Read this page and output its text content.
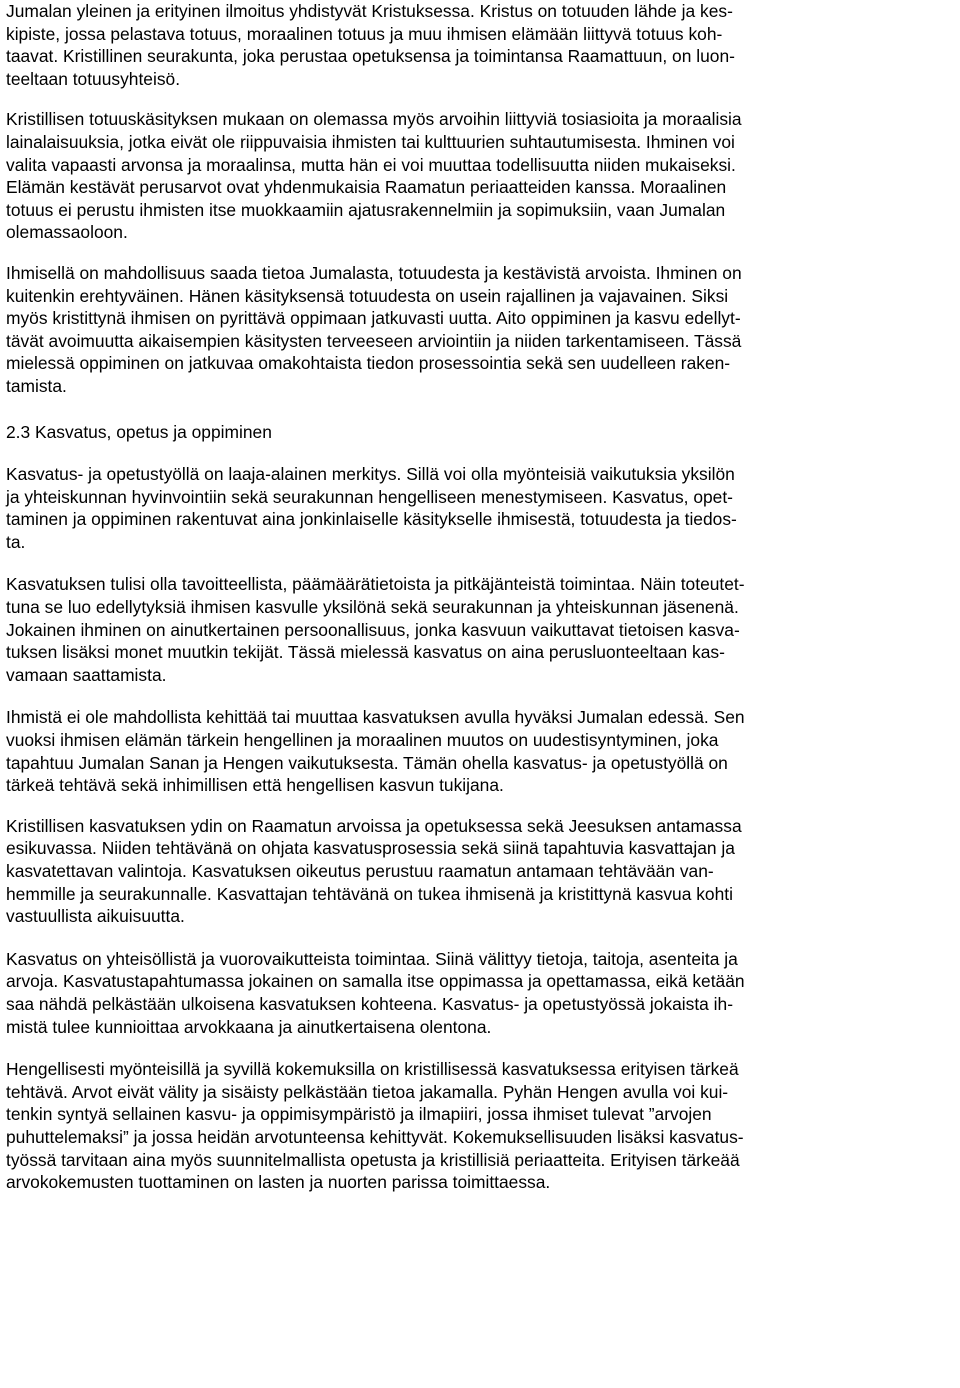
Jumalan yleinen ja erityinen ilmoitus yhdistyvät Kristuksessa. Kristus on totuuden lähde ja kes-
kipiste, jossa pelastava totuus, moraalinen totuus ja muu ihmisen elämään liittyvä totuus koh-
taavat. Kristillinen seurakunta, joka perustaa opetuksensa ja toimintansa Raamattuun, on luon-
teeltaan totuusyhteisö.
Kristillisen totuuskäsityksen mukaan on olemassa myös arvoihin liittyviä tosiasioita ja moraalisia
lainalaisuuksia, jotka eivät ole riippuvaisia ihmisten tai kulttuurien suhtautumisesta. Ihminen voi
valita vapaasti arvonsa ja moraalinsa, mutta hän ei voi muuttaa todellisuutta niiden mukaiseksi.
Elämän kestävät perusarvot ovat yhdenmukaisia Raamatun periaatteiden kanssa. Moraalinen
totuus ei perustu ihmisten itse muokkaamiin ajatusrakennelmiin ja sopimuksiin, vaan Jumalan
olemassaoloon.
Ihmisellä on mahdollisuus saada tietoa Jumalasta, totuudesta ja kestävistä arvoista. Ihminen on
kuitenkin erehtyväinen. Hänen käsityksensä totuudesta on usein rajallinen ja vajavainen. Siksi
myös kristittynä ihmisen on pyrittävä oppimaan jatkuvasti uutta. Aito oppiminen ja kasvu edellyt-
tävät avoimuutta aikaisempien käsitysten terveeseen arviointiin ja niiden tarkentamiseen. Tässä
mielessä oppiminen on jatkuvaa omakohtaista tiedon prosessointia sekä sen uudelleen raken-
tamista.
2.3 Kasvatus, opetus ja oppiminen
Kasvatus- ja opetustyöllä on laaja-alainen merkitys. Sillä voi olla myönteisiä vaikutuksia yksilön
ja yhteiskunnan hyvinvointiin sekä seurakunnan hengelliseen menestymiseen. Kasvatus, opet-
taminen ja oppiminen rakentuvat aina jonkinlaiselle käsitykselle ihmisestä, totuudesta ja tiedos-
ta.
Kasvatuksen tulisi olla tavoitteellista, päämäärätietoista ja pitkäjänteistä toimintaa. Näin toteutet-
tuna se luo edellytyksiä ihmisen kasvulle yksilönä sekä seurakunnan ja yhteiskunnan jäsenenä.
Jokainen ihminen on ainutkertainen persoonallisuus, jonka kasvuun vaikuttavat tietoisen kasva-
tuksen lisäksi monet muutkin tekijät. Tässä mielessä kasvatus on aina perusluonteeltaan kas-
vamaan saattamista.
Ihmistä ei ole mahdollista kehittää tai muuttaa kasvatuksen avulla hyväksi Jumalan edessä. Sen
vuoksi ihmisen elämän tärkein hengellinen ja moraalinen muutos on uudestisyntyminen, joka
tapahtuu Jumalan Sanan ja Hengen vaikutuksesta. Tämän ohella kasvatus- ja opetustyöllä on
tärkeä tehtävä sekä inhimillisen että hengellisen kasvun tukijana.
Kristillisen kasvatuksen ydin on Raamatun arvoissa ja opetuksessa sekä Jeesuksen antamassa
esikuvassa. Niiden tehtävänä on ohjata kasvatusprosessia sekä siinä tapahtuvia kasvattajan ja
kasvatettavan valintoja. Kasvatuksen oikeutus perustuu raamatun antamaan tehtävään van-
hemmille ja seurakunnalle. Kasvattajan tehtävänä on tukea ihmisenä ja kristittynä kasvua kohti
vastuullista aikuisuutta.
Kasvatus on yhteisöllistä ja vuorovaikutteista toimintaa. Siinä välittyy tietoja, taitoja, asenteita ja
arvoja. Kasvatustapahtumassa jokainen on samalla itse oppimassa ja opettamassa, eikä ketään
saa nähdä pelkästään ulkoisena kasvatuksen kohteena. Kasvatus- ja opetustyössä jokaista ih-
mistä tulee kunnioittaa arvokkaana ja ainutkertaisena olentona.
Hengellisesti myönteisillä ja syvillä kokemuksilla on kristillisessä kasvatuksessa erityisen tärkeä
tehtävä. Arvot eivät välity ja sisäisty pelkästään tietoa jakamalla. Pyhän Hengen avulla voi kui-
tenkin syntyä sellainen kasvu- ja oppimisympäristö ja ilmapiiri, jossa ihmiset tulevat ”arvojen
puhuttelemaksi” ja jossa heidän arvotunteensa kehittyvät. Kokemuksellisuuden lisäksi kasvatus-
työssä tarvitaan aina myös suunnitelmallista opetusta ja kristillisiä periaatteita. Erityisen tärkeää
arvokokemusten tuottaminen on lasten ja nuorten parissa toimittaessa.
